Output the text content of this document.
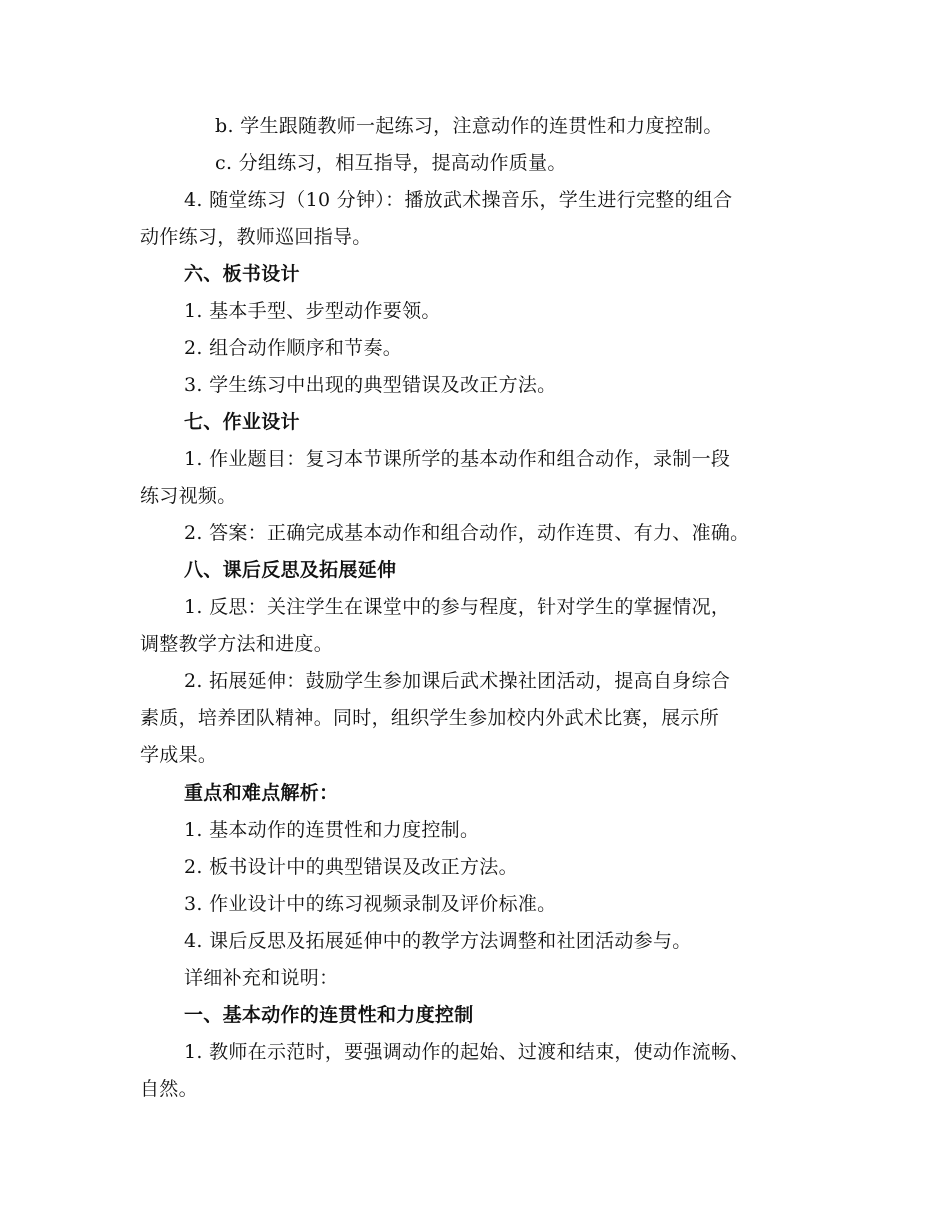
b. 学生跟随教师一起练习，注意动作的连贯性和力度控制。
c. 分组练习，相互指导，提高动作质量。
4. 随堂练习（10 分钟）：播放武术操音乐，学生进行完整的组合
动作练习，教师巡回指导。
六、板书设计
1. 基本手型、步型动作要领。
2. 组合动作顺序和节奏。
3. 学生练习中出现的典型错误及改正方法。
七、作业设计
1. 作业题目：复习本节课所学的基本动作和组合动作，录制一段
练习视频。
2. 答案：正确完成基本动作和组合动作，动作连贯、有力、准确。
八、课后反思及拓展延伸
1. 反思：关注学生在课堂中的参与程度，针对学生的掌握情况，
调整教学方法和进度。
2. 拓展延伸：鼓励学生参加课后武术操社团活动，提高自身综合
素质，培养团队精神。同时，组织学生参加校内外武术比赛，展示所
学成果。
重点和难点解析：
1. 基本动作的连贯性和力度控制。
2. 板书设计中的典型错误及改正方法。
3. 作业设计中的练习视频录制及评价标准。
4. 课后反思及拓展延伸中的教学方法调整和社团活动参与。
详细补充和说明：
一、基本动作的连贯性和力度控制
1. 教师在示范时，要强调动作的起始、过渡和结束，使动作流畅、
自然。
